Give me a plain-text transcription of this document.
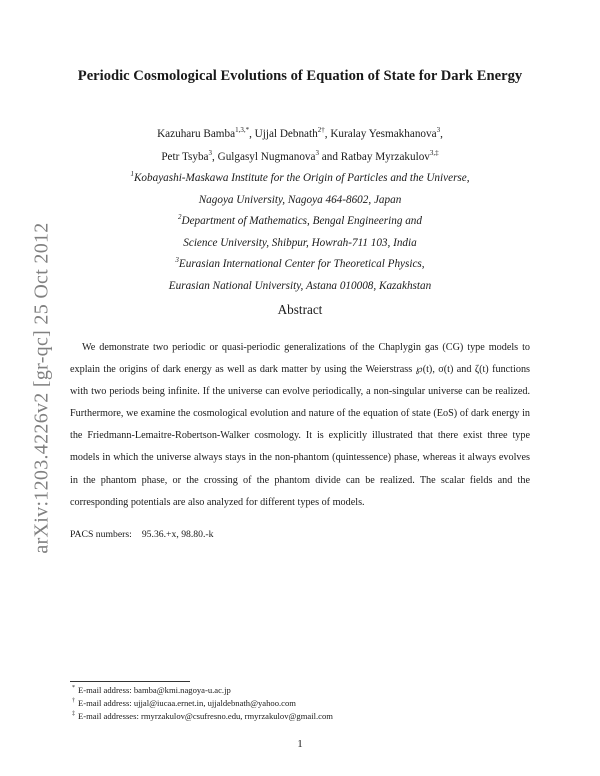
arXiv:1203.4226v2 [gr-qc] 25 Oct 2012
Periodic Cosmological Evolutions of Equation of State for Dark Energy
Kazuharu Bamba$^{1,3,*}$, Ujjal Debnath$^{2\dagger}$, Kuralay Yesmakhanova$^3$,
Petr Tsyba$^3$, Gulgasyl Nugmanova$^3$ and Ratbay Myrzakulov$^{3,\ddagger}$
$^1$Kobayashi-Maskawa Institute for the Origin of Particles and the Universe,
Nagoya University, Nagoya 464-8602, Japan
$^2$Department of Mathematics, Bengal Engineering and
Science University, Shibpur, Howrah-711 103, India
$^3$Eurasian International Center for Theoretical Physics,
Eurasian National University, Astana 010008, Kazakhstan
Abstract

We demonstrate two periodic or quasi-periodic generalizations of the Chaplygin gas (CG) type models to explain the origins of dark energy as well as dark matter by using the Weierstrass ℘(t), σ(t) and ζ(t) functions with two periods being infinite. If the universe can evolve periodically, a non-singular universe can be realized. Furthermore, we examine the cosmological evolution and nature of the equation of state (EoS) of dark energy in the Friedmann-Lemaitre-Robertson-Walker cosmology. It is explicitly illustrated that there exist three type models in which the universe always stays in the non-phantom (quintessence) phase, whereas it always evolves in the phantom phase, or the crossing of the phantom divide can be realized. The scalar fields and the corresponding potentials are also analyzed for different types of models.

PACS numbers: 95.36.+x, 98.80.-k
* E-mail address: bamba@kmi.nagoya-u.ac.jp
† E-mail address: ujjal@iucaa.ernet.in, ujjaldebnath@yahoo.com
‡ E-mail addresses: rmyrzakulov@csufresno.edu, rmyrzakulov@gmail.com
1
